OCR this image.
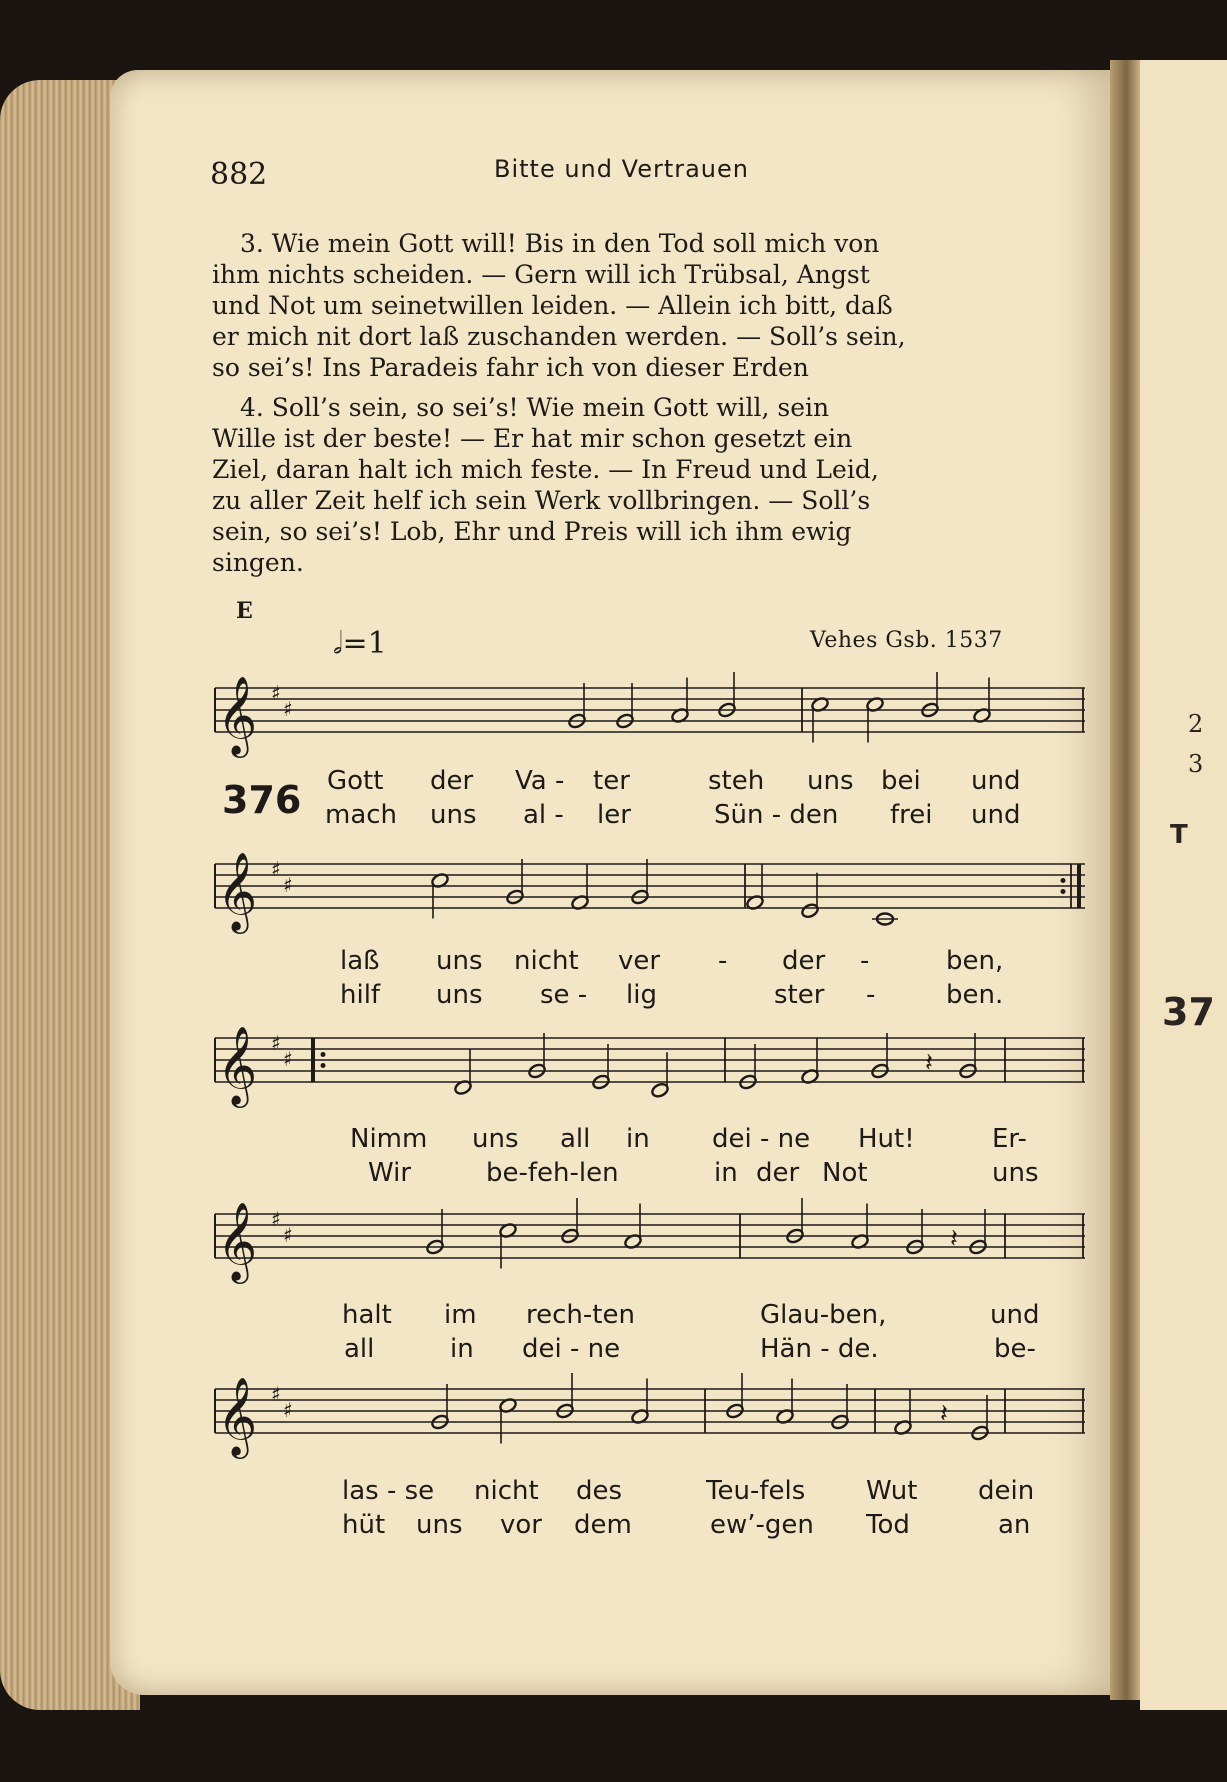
2
3
T
37
882	Bitte und Vertrauen
3. Wie mein Gott will! Bis in den Tod soll mich von
ihm nichts scheiden. — Gern will ich Trübsal, Angst
und Not um seinetwillen leiden. — Allein ich bitt, daß
er mich nit dort laß zuschanden werden. — Soll’s sein,
so sei’s! Ins Paradeis fahr ich von dieser Erden
4. Soll’s sein, so sei’s! Wie mein Gott will, sein
Wille ist der beste! — Er hat mir schon gesetzt ein
Ziel, daran halt ich mich feste. — In Freud und Leid,
zu aller Zeit helf ich sein Werk vollbringen. — Soll’s
sein, so sei’s! Lob, Ehr und Preis will ich ihm ewig
singen.
E
𝅗𝅥=1	Vehes Gsb. 1537
376
𝄞 ♯
♯
𝄞 ♯
♯
𝄞 ♯
♯	𝄽
𝄞 ♯
♯	𝄽
𝄞 ♯
♯	𝄽
Gott der Va - ter	steh uns bei und
mach uns al - ler	Sün - den frei und
laß uns nicht ver - der -	ben,
hilf uns se - lig	ster -	ben.
Nimm uns all in dei - ne Hut!	Er-
Wir	be-feh-len	in der Not	uns
halt im rech-ten	Glau-ben,	und
all	in dei - ne	Hän - de.	be-
las - se nicht des	Teu-fels Wut dein
hüt uns vor dem	ew’-gen Tod	an
